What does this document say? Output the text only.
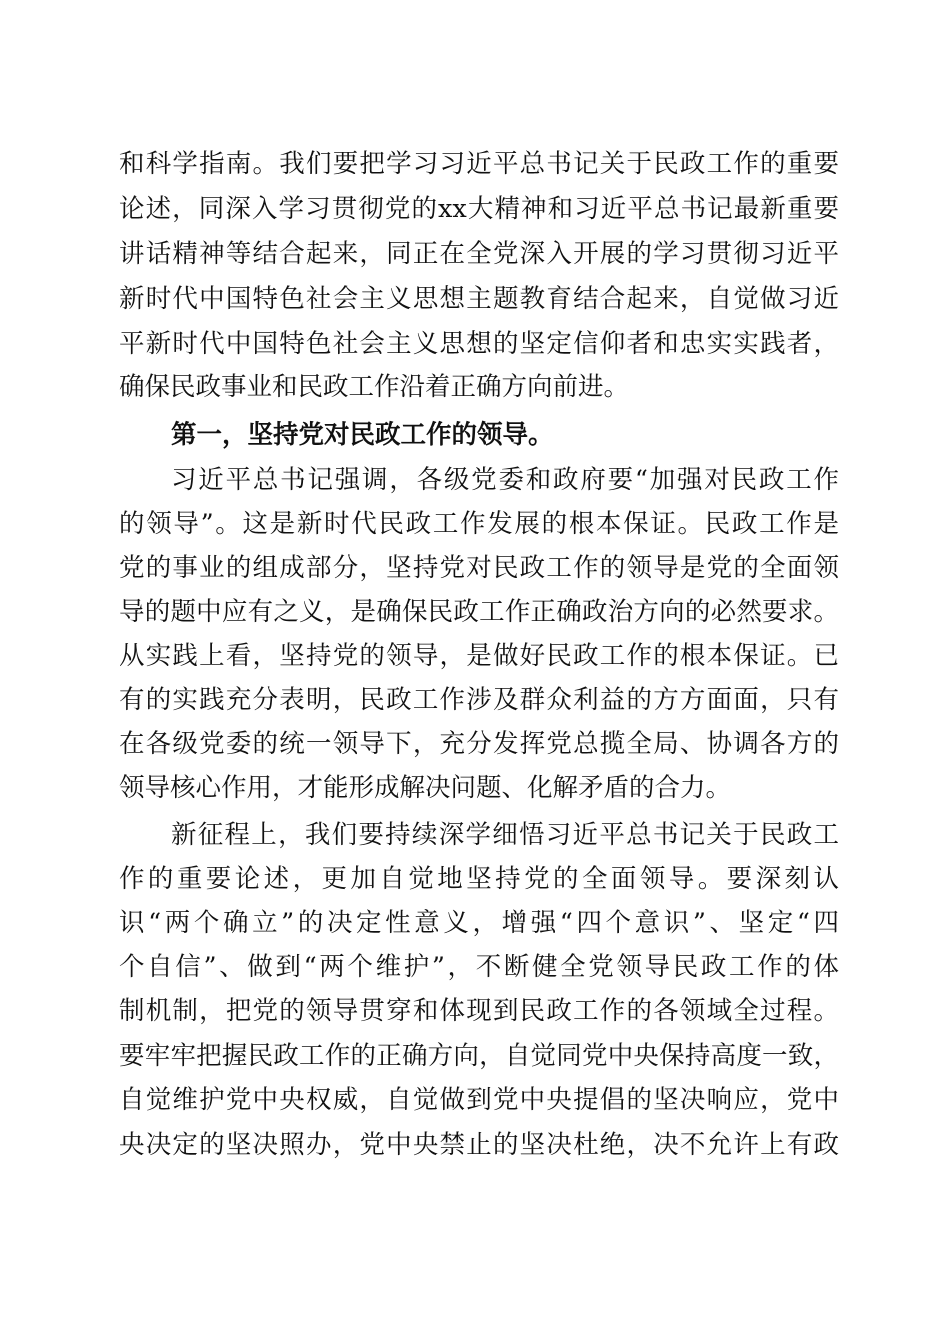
和科学指南。我们要把学习习近平总书记关于民政工作的重要
论述，同深入学习贯彻党的xx大精神和习近平总书记最新重要
讲话精神等结合起来，同正在全党深入开展的学习贯彻习近平
新时代中国特色社会主义思想主题教育结合起来，自觉做习近
平新时代中国特色社会主义思想的坚定信仰者和忠实实践者，
确保民政事业和民政工作沿着正确方向前进。
第一，坚持党对民政工作的领导。
习近平总书记强调，各级党委和政府要“加强对民政工作
的领导”。这是新时代民政工作发展的根本保证。民政工作是
党的事业的组成部分，坚持党对民政工作的领导是党的全面领
导的题中应有之义，是确保民政工作正确政治方向的必然要求。
从实践上看，坚持党的领导，是做好民政工作的根本保证。已
有的实践充分表明，民政工作涉及群众利益的方方面面，只有
在各级党委的统一领导下，充分发挥党总揽全局、协调各方的
领导核心作用，才能形成解决问题、化解矛盾的合力。
新征程上，我们要持续深学细悟习近平总书记关于民政工
作的重要论述，更加自觉地坚持党的全面领导。要深刻认
识“两个确立”的决定性意义，增强“四个意识”、坚定“四
个自信”、做到“两个维护”，不断健全党领导民政工作的体
制机制，把党的领导贯穿和体现到民政工作的各领域全过程。
要牢牢把握民政工作的正确方向，自觉同党中央保持高度一致，
自觉维护党中央权威，自觉做到党中央提倡的坚决响应，党中
央决定的坚决照办，党中央禁止的坚决杜绝，决不允许上有政
